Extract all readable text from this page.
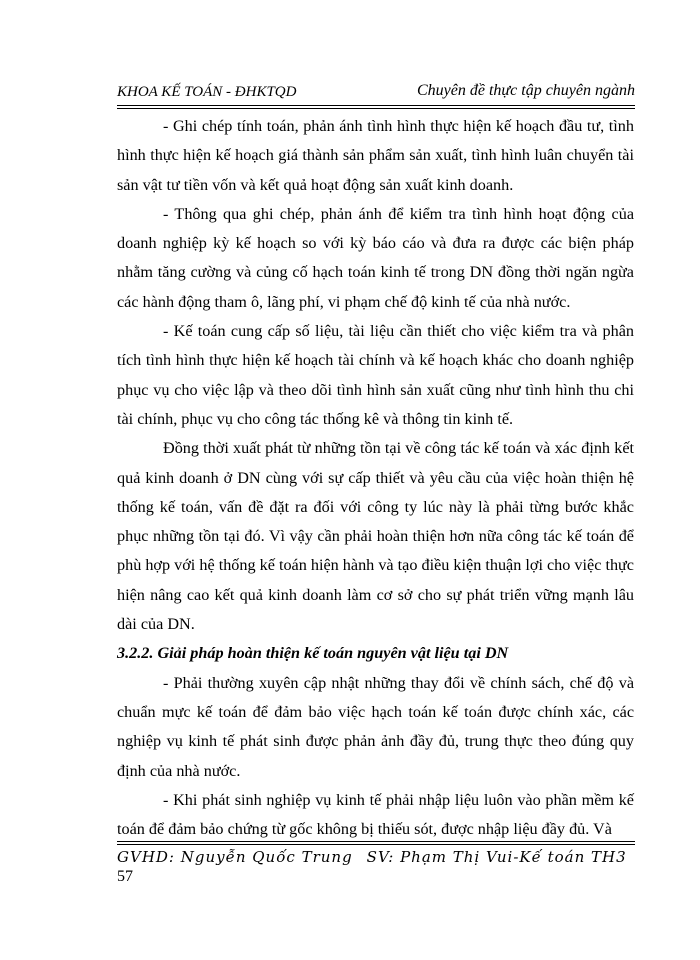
KHOA KẾ TOÁN - ĐHKTQD	Chuyên đề thực tập chuyên ngành

- Ghi chép tính toán, phản ánh tình hình thực hiện kế hoạch đầu tư, tình hình thực hiện kế hoạch giá thành sản phẩm sản xuất, tình hình luân chuyển tài sản vật tư tiền vốn và kết quả hoạt động sản xuất kinh doanh.

- Thông qua ghi chép, phản ánh để kiểm tra tình hình hoạt động của doanh nghiệp kỳ kế hoạch so với kỳ báo cáo và đưa ra được các biện pháp nhằm tăng cường và củng cố hạch toán kinh tế trong DN đồng thời ngăn ngừa các hành động tham ô, lãng phí, vi phạm chế độ kinh tế của nhà nước.

- Kế toán cung cấp số liệu, tài liệu cần thiết cho việc kiểm tra và phân tích tình hình thực hiện kế hoạch tài chính và kế hoạch khác cho doanh nghiệp phục vụ cho việc lập và theo dõi tình hình sản xuất cũng như tình hình thu chi tài chính, phục vụ cho công tác thống kê và thông tin kinh tế.

Đồng thời xuất phát từ những tồn tại về công tác kế toán và xác định kết quả kinh doanh ở DN cùng với sự cấp thiết và yêu cầu của việc hoàn thiện hệ thống kế toán, vấn đề đặt ra đối với công ty lúc này là phải từng bước khắc phục những tồn tại đó. Vì vậy cần phải hoàn thiện hơn nữa công tác kế toán để phù hợp với hệ thống kế toán hiện hành và tạo điều kiện thuận lợi cho việc thực hiện nâng cao kết quả kinh doanh làm cơ sở cho sự phát triển vững mạnh lâu dài của DN.

3.2.2. Giải pháp hoàn thiện kế toán nguyên vật liệu tại DN

- Phải thường xuyên cập nhật những thay đổi về chính sách, chế độ và chuẩn mực kế toán để đảm bảo việc hạch toán kế toán được chính xác, các nghiệp vụ kinh tế phát sinh được phản ảnh đầy đủ, trung thực theo đúng quy định của nhà nước.

- Khi phát sinh nghiệp vụ kinh tế phải nhập liệu luôn vào phần mềm kế toán để đảm bảo chứng từ gốc không bị thiếu sót, được nhập liệu đầy đủ. Và

GVHD: Nguyễn Quốc Trung SV: Phạm Thị Vui-Kế toán TH3
57
